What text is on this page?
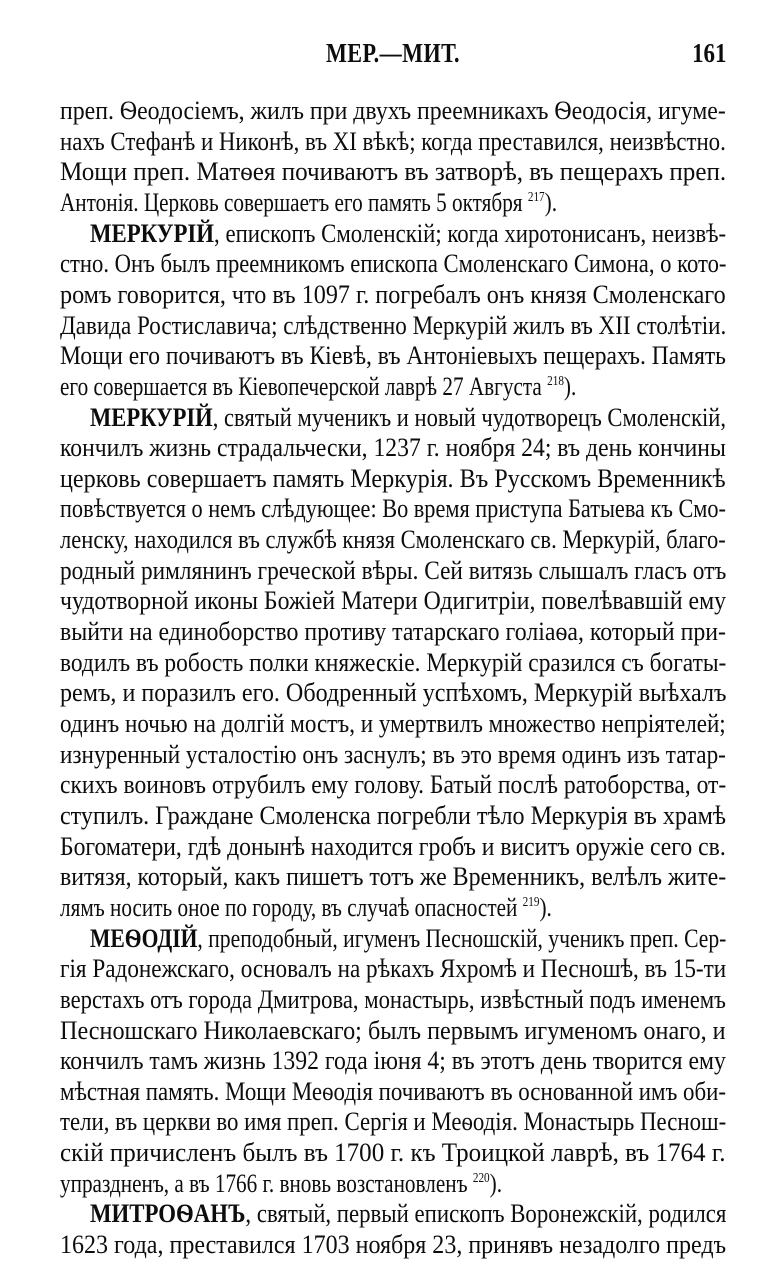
МЕР.—МИТ.	161
преп. Ѳеодосіемъ, жилъ при двухъ преемникахъ Ѳеодосія, игуме-
нахъ Стефанѣ и Никонѣ, въ XI вѣкѣ; когда преставился, неизвѣстно.
Мощи преп. Матѳея почиваютъ въ затворѣ, въ пещерахъ преп.
Антонія. Церковь совершаетъ его память 5 октября $^{217}$).
МЕРКУРІЙ, епископъ Смоленскій; когда хиротонисанъ, неизвѣ-
стно. Онъ былъ преемникомъ епископа Смоленскаго Симона, о кото-
ромъ говорится, что въ 1097 г. погребалъ онъ князя Смоленскаго
Давида Ростиславича; слѣдственно Меркурій жилъ въ XII столѣтіи.
Мощи его почиваютъ въ Кіевѣ, въ Антоніевыхъ пещерахъ. Память
его совершается въ Кіевопечерской лаврѣ 27 Августа $^{218}$).
МЕРКУРІЙ, святый мученикъ и новый чудотворецъ Смоленскій,
кончилъ жизнь страдальчески, 1237 г. ноября 24; въ день кончины
церковь совершаетъ память Меркурія. Въ Русскомъ Временникѣ
повѣствуется о немъ слѣдующее: Во время приступа Батыева къ Смо-
ленску, находился въ службѣ князя Смоленскаго св. Меркурій, благо-
родный римлянинъ греческой вѣры. Сей витязь слышалъ гласъ отъ
чудотворной иконы Божіей Матери Одигитріи, повелѣвавшій ему
выйти на единоборство противу татарскаго голіаѳа, который при-
водилъ въ робость полки княжескіе. Меркурій сразился съ богаты-
ремъ, и поразилъ его. Ободренный успѣхомъ, Меркурій выѣхалъ
одинъ ночью на долгій мостъ, и умертвилъ множество непріятелей;
изнуренный усталостію онъ заснулъ; въ это время одинъ изъ татар-
скихъ воиновъ отрубилъ ему голову. Батый послѣ ратоборства, от-
ступилъ. Граждане Смоленска погребли тѣло Меркурія въ храмѣ
Богоматери, гдѣ донынѣ находится гробъ и виситъ оружіе сего св.
витязя, который, какъ пишетъ тотъ же Временникъ, велѣлъ жите-
лямъ носить оное по городу, въ случаѣ опасностей $^{219}$).
МЕѲОДІЙ, преподобный, игуменъ Песношскій, ученикъ преп. Сер-
гія Радонежскаго, основалъ на рѣкахъ Яхромѣ и Песношѣ, въ 15-ти
верстахъ отъ города Дмитрова, монастырь, извѣстный подъ именемъ
Песношскаго Николаевскаго; былъ первымъ игуменомъ онаго, и
кончилъ тамъ жизнь 1392 года іюня 4; въ этотъ день творится ему
мѣстная память. Мощи Меѳодія почиваютъ въ основанной имъ оби-
тели, въ церкви во имя преп. Сергія и Меѳодія. Монастырь Песнош-
скій причисленъ былъ въ 1700 г. къ Троицкой лаврѣ, въ 1764 г.
упраздненъ, а въ 1766 г. вновь возстановленъ $^{220}$).
МИТРОѲАНЪ, святый, первый епископъ Воронежскій, родился
1623 года, преставился 1703 ноября 23, принявъ незадолго предъ
